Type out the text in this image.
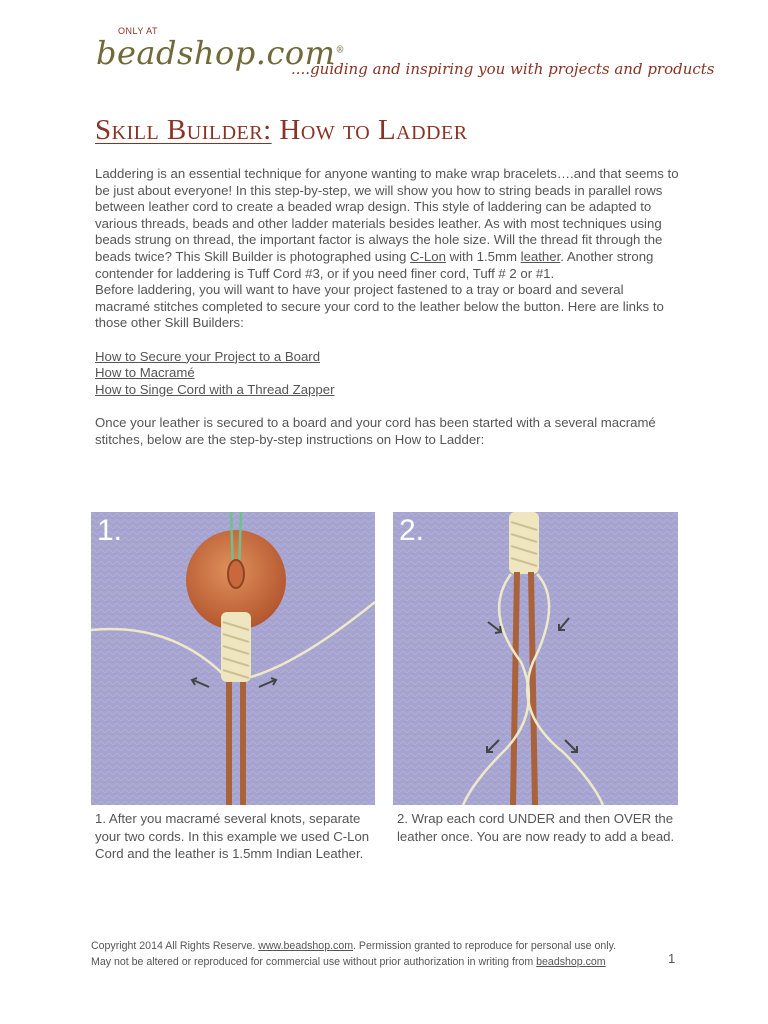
ONLY AT
beadshop.com®
....guiding and inspiring you with projects and products
Skill Builder: How to Ladder

Laddering is an essential technique for anyone wanting to make wrap bracelets….and that seems to be just about everyone! In this step-by-step, we will show you how to string beads in parallel rows between leather cord to create a beaded wrap design. This style of laddering can be adapted to various threads, beads and other ladder materials besides leather. As with most techniques using beads strung on thread, the important factor is always the hole size. Will the thread fit through the beads twice? This Skill Builder is photographed using C-Lon with 1.5mm leather. Another strong contender for laddering is Tuff Cord #3, or if you need finer cord, Tuff # 2 or #1.

Before laddering, you will want to have your project fastened to a tray or board and several macramé stitches completed to secure your cord to the leather below the button. Here are links to those other Skill Builders:

How to Secure your Project to a Board
How to Macramé
How to Singe Cord with a Thread Zapper

Once your leather is secured to a board and your cord has been started with a several macramé stitches, below are the step-by-step instructions on How to Ladder:

1.	2.
1. After you macramé several knots, separate your two cords. In this example we used C-Lon Cord and the leather is 1.5mm Indian Leather.
2. Wrap each cord UNDER and then OVER the leather once. You are now ready to add a bead.
Copyright 2014 All Rights Reserve. www.beadshop.com. Permission granted to reproduce for personal use only.
May not be altered or reproduced for commercial use without prior authorization in writing from beadshop.com	1
